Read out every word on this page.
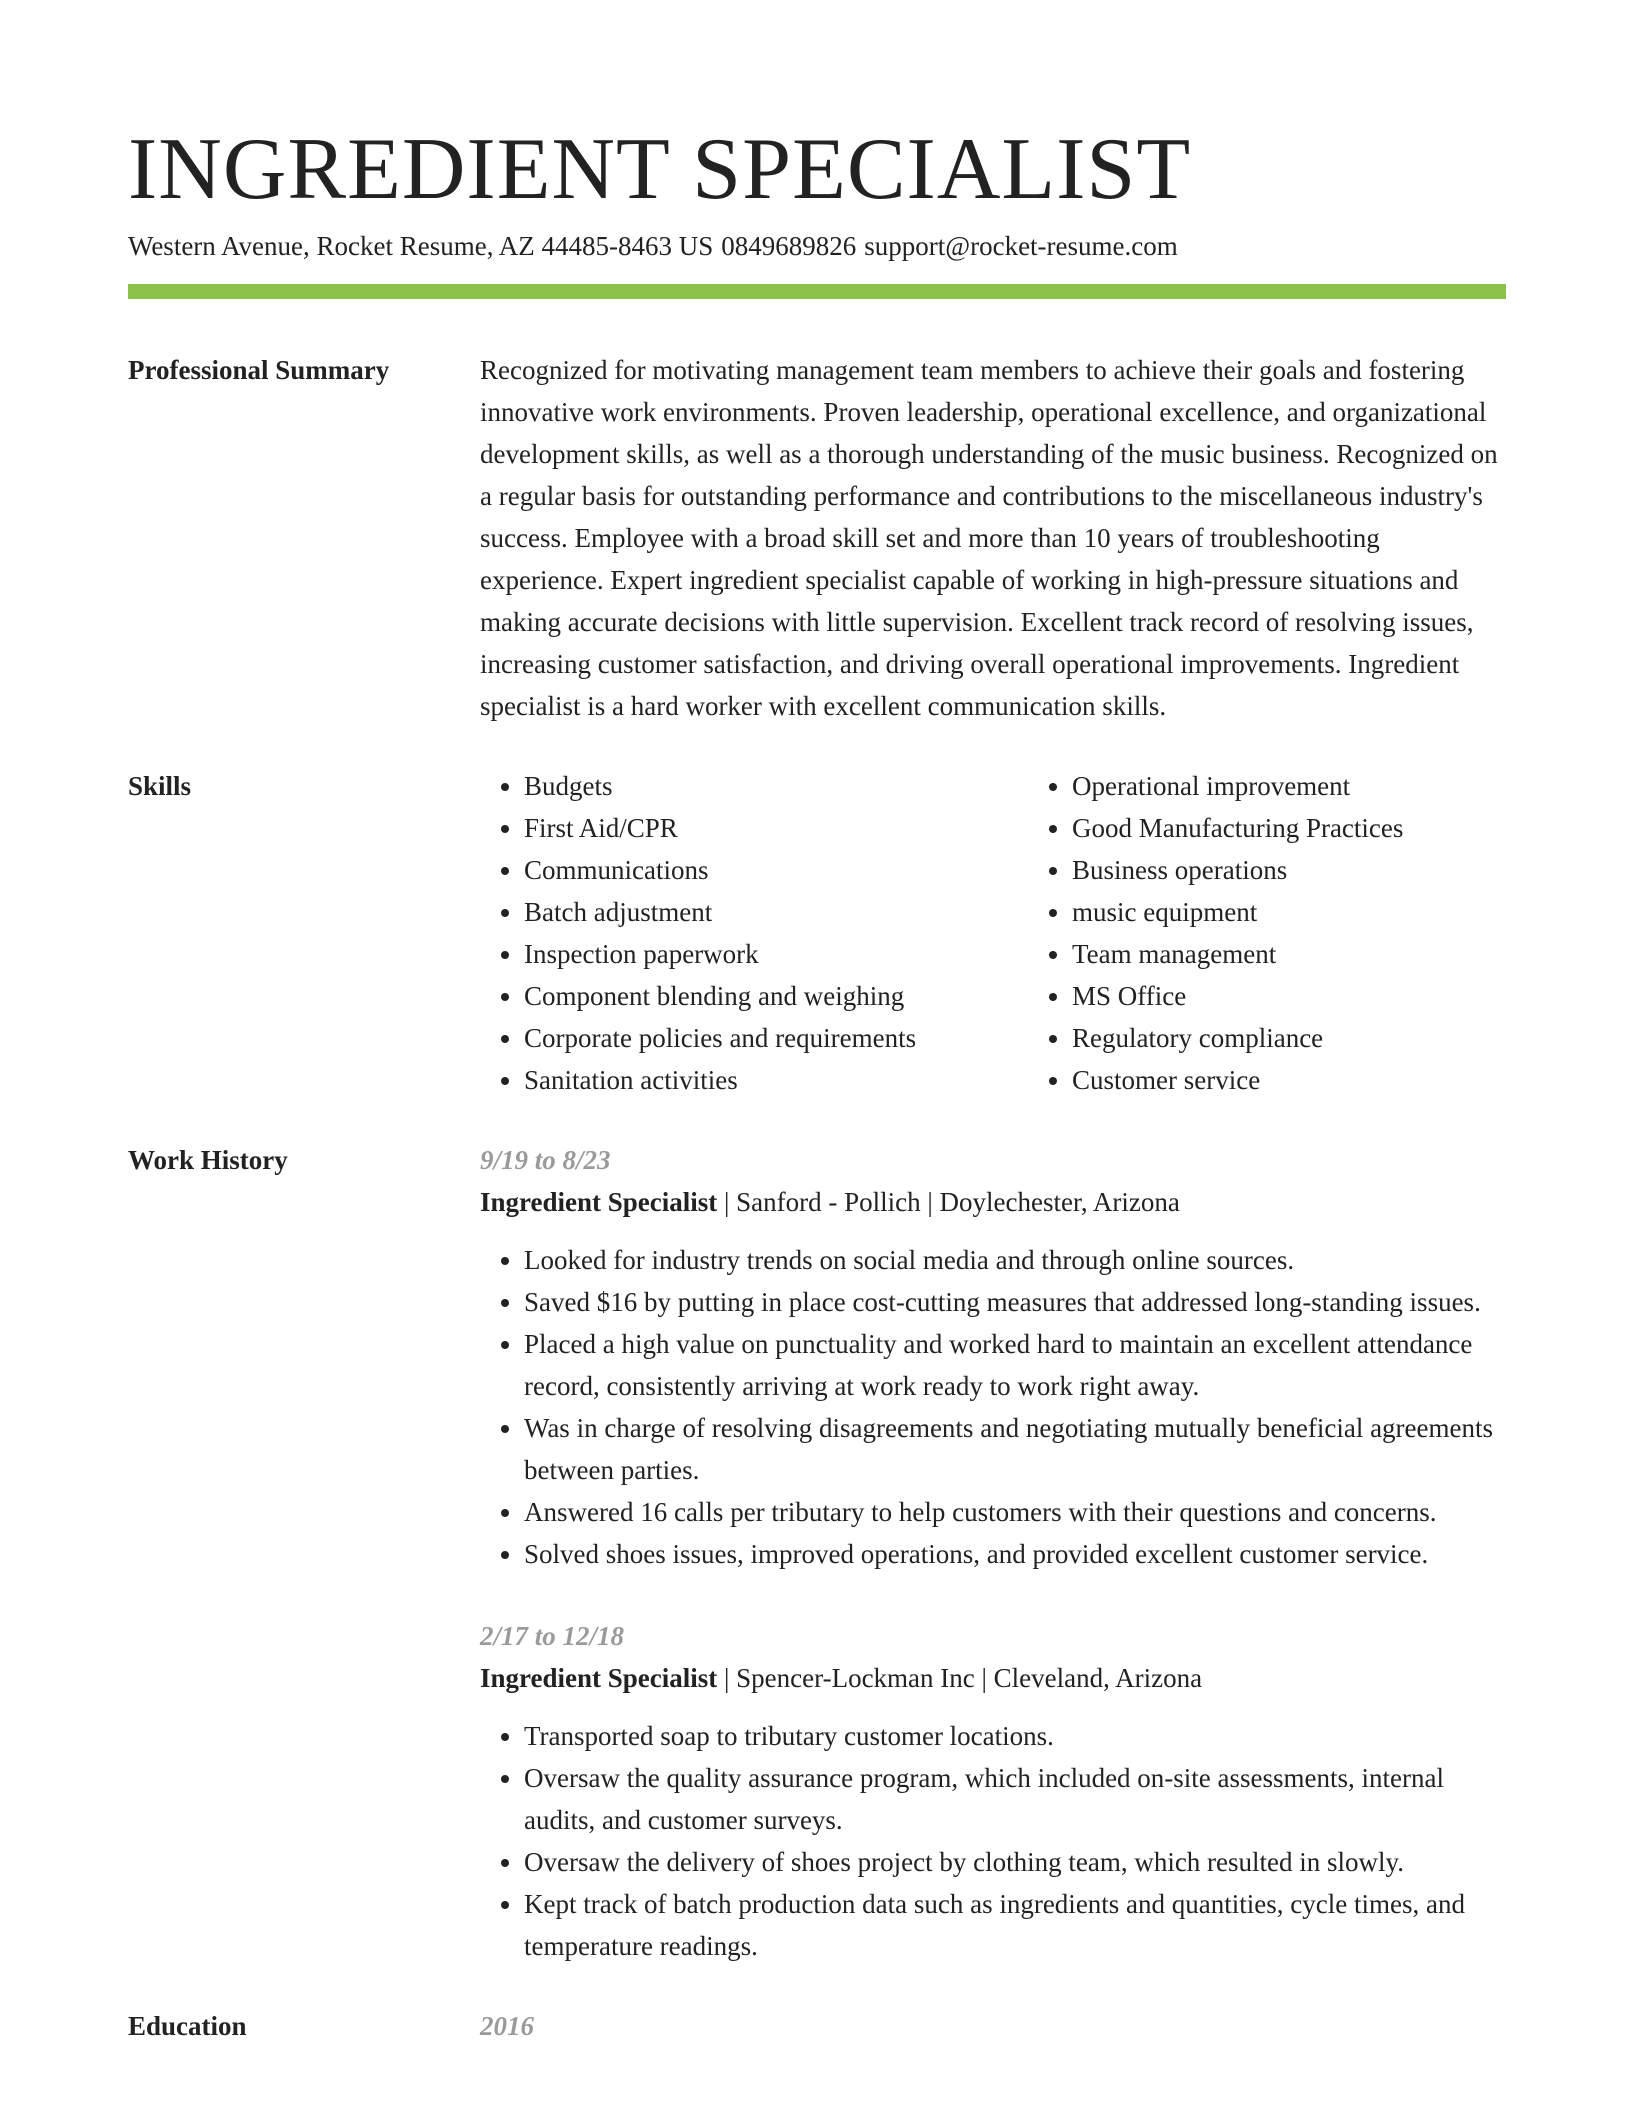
INGREDIENT SPECIALIST
Western Avenue, Rocket Resume, AZ 44485-8463 US 0849689826 support@rocket-resume.com
Professional Summary	Recognized for motivating management team members to achieve their goals and fostering innovative work environments. Proven leadership, operational excellence, and organizational development skills, as well as a thorough understanding of the music business. Recognized on a regular basis for outstanding performance and contributions to the miscellaneous industry's success. Employee with a broad skill set and more than 10 years of troubleshooting experience. Expert ingredient specialist capable of working in high-pressure situations and making accurate decisions with little supervision. Excellent track record of resolving issues, increasing customer satisfaction, and driving overall operational improvements. Ingredient specialist is a hard worker with excellent communication skills.
Skills
•	Budgets
• First Aid/CPR
• Communications
• Batch adjustment
• Inspection paperwork
• Component blending and weighing
• Corporate policies and requirements
• Sanitation activities
• Operational improvement
• Good Manufacturing Practices
• Business operations
• music equipment
• Team management
• MS Office
• Regulatory compliance
• Customer service
Work History	9/19 to 8/23
Ingredient Specialist | Sanford - Pollich | Doylechester, Arizona
• Looked for industry trends on social media and through online sources.
• Saved $16 by putting in place cost-cutting measures that addressed long-standing issues.
• Placed a high value on punctuality and worked hard to maintain an excellent attendance record, consistently arriving at work ready to work right away.
• Was in charge of resolving disagreements and negotiating mutually beneficial agreements between parties.
• Answered 16 calls per tributary to help customers with their questions and concerns.
• Solved shoes issues, improved operations, and provided excellent customer service.
2/17 to 12/18
Ingredient Specialist | Spencer-Lockman Inc | Cleveland, Arizona
• Transported soap to tributary customer locations.
• Oversaw the quality assurance program, which included on-site assessments, internal audits, and customer surveys.
• Oversaw the delivery of shoes project by clothing team, which resulted in slowly.
• Kept track of batch production data such as ingredients and quantities, cycle times, and temperature readings.
Education	2016
